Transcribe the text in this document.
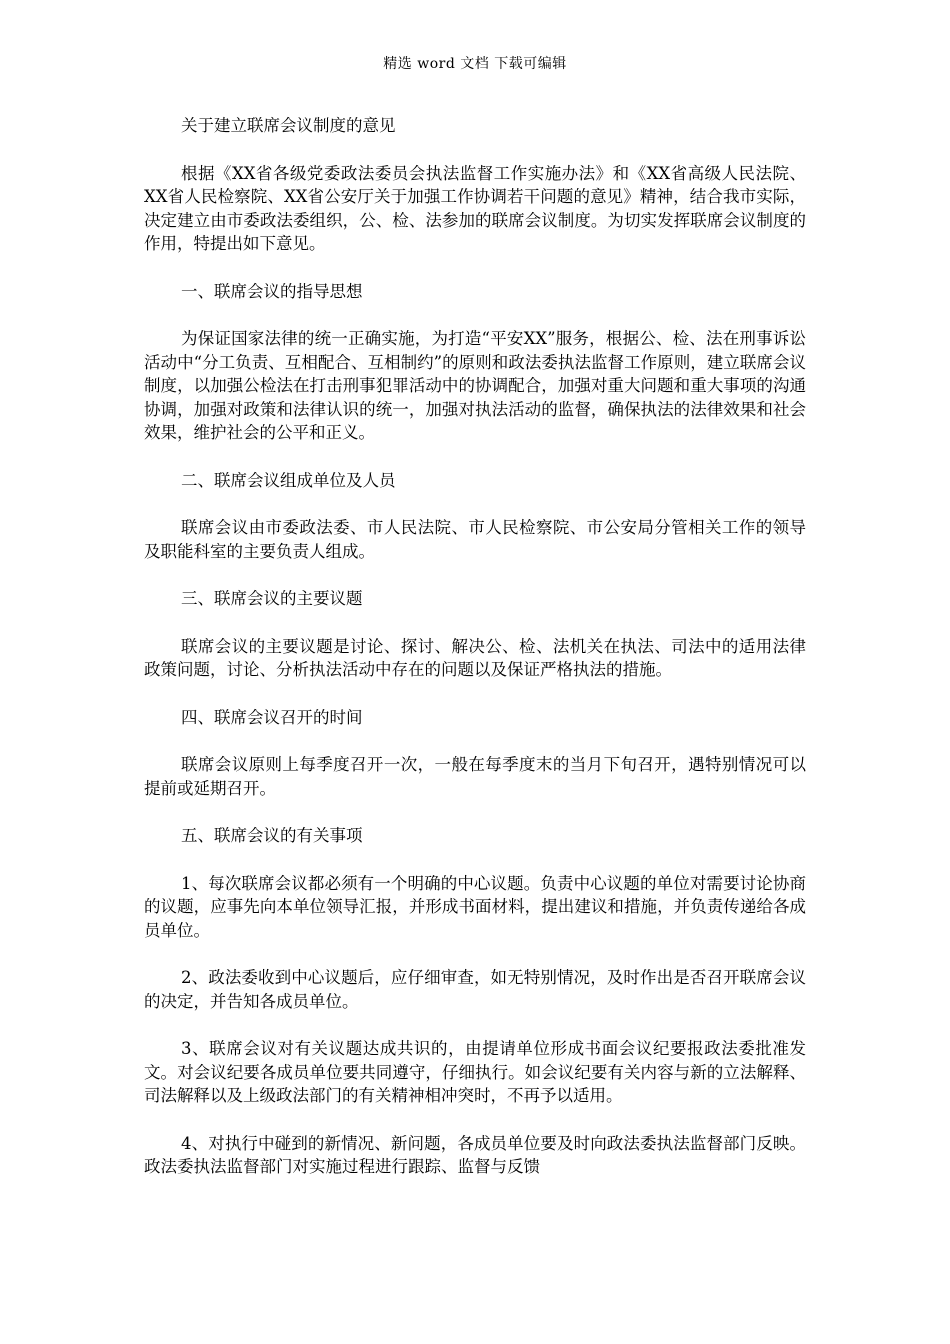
精选 word 文档 下载可编辑

关于建立联席会议制度的意见

根据《XX省各级党委政法委员会执法监督工作实施办法》和《XX省高级人民法院、XX省人民检察院、XX省公安厅关于加强工作协调若干问题的意见》精神，结合我市实际，决定建立由市委政法委组织，公、检、法参加的联席会议制度。为切实发挥联席会议制度的作用，特提出如下意见。

一、联席会议的指导思想

为保证国家法律的统一正确实施，为打造“平安XX”服务，根据公、检、法在刑事诉讼活动中“分工负责、互相配合、互相制约”的原则和政法委执法监督工作原则，建立联席会议制度，以加强公检法在打击刑事犯罪活动中的协调配合，加强对重大问题和重大事项的沟通协调，加强对政策和法律认识的统一，加强对执法活动的监督，确保执法的法律效果和社会效果，维护社会的公平和正义。

二、联席会议组成单位及人员

联席会议由市委政法委、市人民法院、市人民检察院、市公安局分管相关工作的领导及职能科室的主要负责人组成。

三、联席会议的主要议题

联席会议的主要议题是讨论、探讨、解决公、检、法机关在执法、司法中的适用法律政策问题，讨论、分析执法活动中存在的问题以及保证严格执法的措施。

四、联席会议召开的时间

联席会议原则上每季度召开一次，一般在每季度末的当月下旬召开，遇特别情况可以提前或延期召开。

五、联席会议的有关事项

1、每次联席会议都必须有一个明确的中心议题。负责中心议题的单位对需要讨论协商的议题，应事先向本单位领导汇报，并形成书面材料，提出建议和措施，并负责传递给各成员单位。

2、政法委收到中心议题后，应仔细审查，如无特别情况，及时作出是否召开联席会议的决定，并告知各成员单位。

3、联席会议对有关议题达成共识的，由提请单位形成书面会议纪要报政法委批准发文。对会议纪要各成员单位要共同遵守，仔细执行。如会议纪要有关内容与新的立法解释、司法解释以及上级政法部门的有关精神相冲突时，不再予以适用。

4、对执行中碰到的新情况、新问题，各成员单位要及时向政法委执法监督部门反映。政法委执法监督部门对实施过程进行跟踪、监督与反馈
